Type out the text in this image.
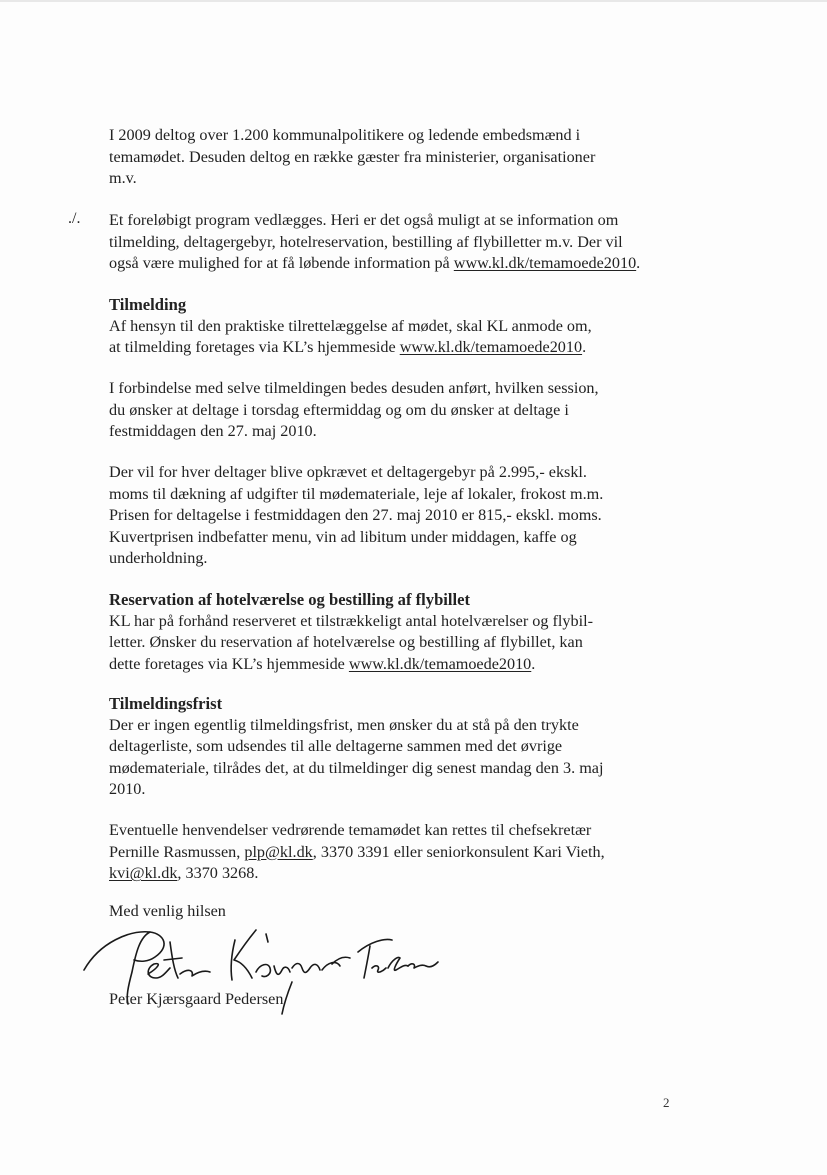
I 2009 deltog over 1.200 kommunalpolitikere og ledende embedsmænd i

temamødet. Desuden deltog en række gæster fra ministerier, organisationer

m.v.

./. Et foreløbigt program vedlægges. Heri er det også muligt at se information om

tilmelding, deltagergebyr, hotelreservation, bestilling af flybilletter m.v. Der vil

også være mulighed for at få løbende information på www.kl.dk/temamoede2010.

Tilmelding

Af hensyn til den praktiske tilrettelæggelse af mødet, skal KL anmode om,

at tilmelding foretages via KL’s hjemmeside www.kl.dk/temamoede2010.

I forbindelse med selve tilmeldingen bedes desuden anført, hvilken session,

du ønsker at deltage i torsdag eftermiddag og om du ønsker at deltage i

festmiddagen den 27. maj 2010.

Der vil for hver deltager blive opkrævet et deltagergebyr på 2.995,- ekskl.

moms til dækning af udgifter til mødemateriale, leje af lokaler, frokost m.m.

Prisen for deltagelse i festmiddagen den 27. maj 2010 er 815,- ekskl. moms.

Kuvertprisen indbefatter menu, vin ad libitum under middagen, kaffe og

underholdning.

Reservation af hotelværelse og bestilling af flybillet

KL har på forhånd reserveret et tilstrækkeligt antal hotelværelser og flybil-

letter. Ønsker du reservation af hotelværelse og bestilling af flybillet, kan

dette foretages via KL’s hjemmeside www.kl.dk/temamoede2010.

Tilmeldingsfrist

Der er ingen egentlig tilmeldingsfrist, men ønsker du at stå på den trykte

deltagerliste, som udsendes til alle deltagerne sammen med det øvrige

mødemateriale, tilrådes det, at du tilmeldinger dig senest mandag den 3. maj

2010.

Eventuelle henvendelser vedrørende temamødet kan rettes til chefsekretær

Pernille Rasmussen, plp@kl.dk, 3370 3391 eller seniorkonsulent Kari Vieth,

kvi@kl.dk, 3370 3268.

Med venlig hilsen
Peter Kjærsgaard Pedersen
2
